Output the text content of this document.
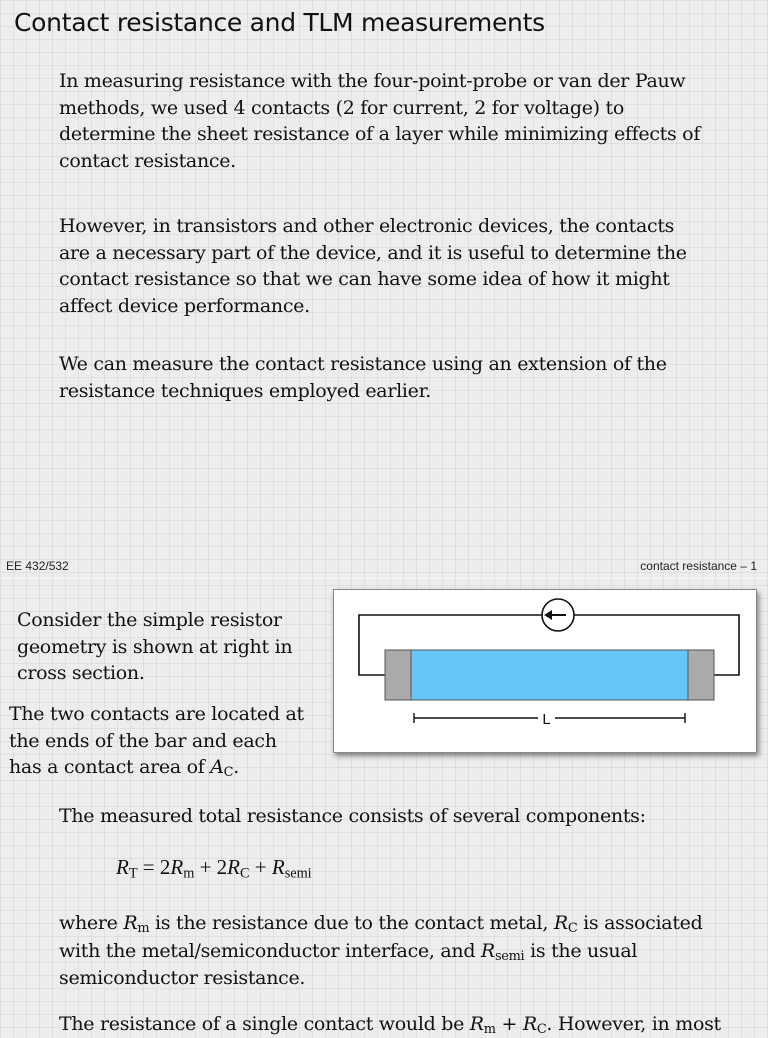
Contact resistance and TLM measurements

In measuring resistance with the four-point-probe or van der Pauw methods, we used 4 contacts (2 for current, 2 for voltage) to determine the sheet resistance of a layer while minimizing effects of contact resistance.

However, in transistors and other electronic devices, the contacts are a necessary part of the device, and it is useful to determine the contact resistance so that we can have some idea of how it might affect device performance.

We can measure the contact resistance using an extension of the resistance techniques employed earlier.

EE 432/532	contact resistance – 1
Consider the simple resistor geometry is shown at right in cross section.
The two contacts are located at the ends of the bar and each has a contact area of $A_C$.
L

The measured total resistance consists of several components:

$R_T = 2R_m + 2R_C + R_{semi}$

where $R_m$ is the resistance due to the contact metal, $R_C$ is associated with the metal/semiconductor interface, and $R_{semi}$ is the usual semiconductor resistance.

The resistance of a single contact would be $R_m + R_C$. However, in most
